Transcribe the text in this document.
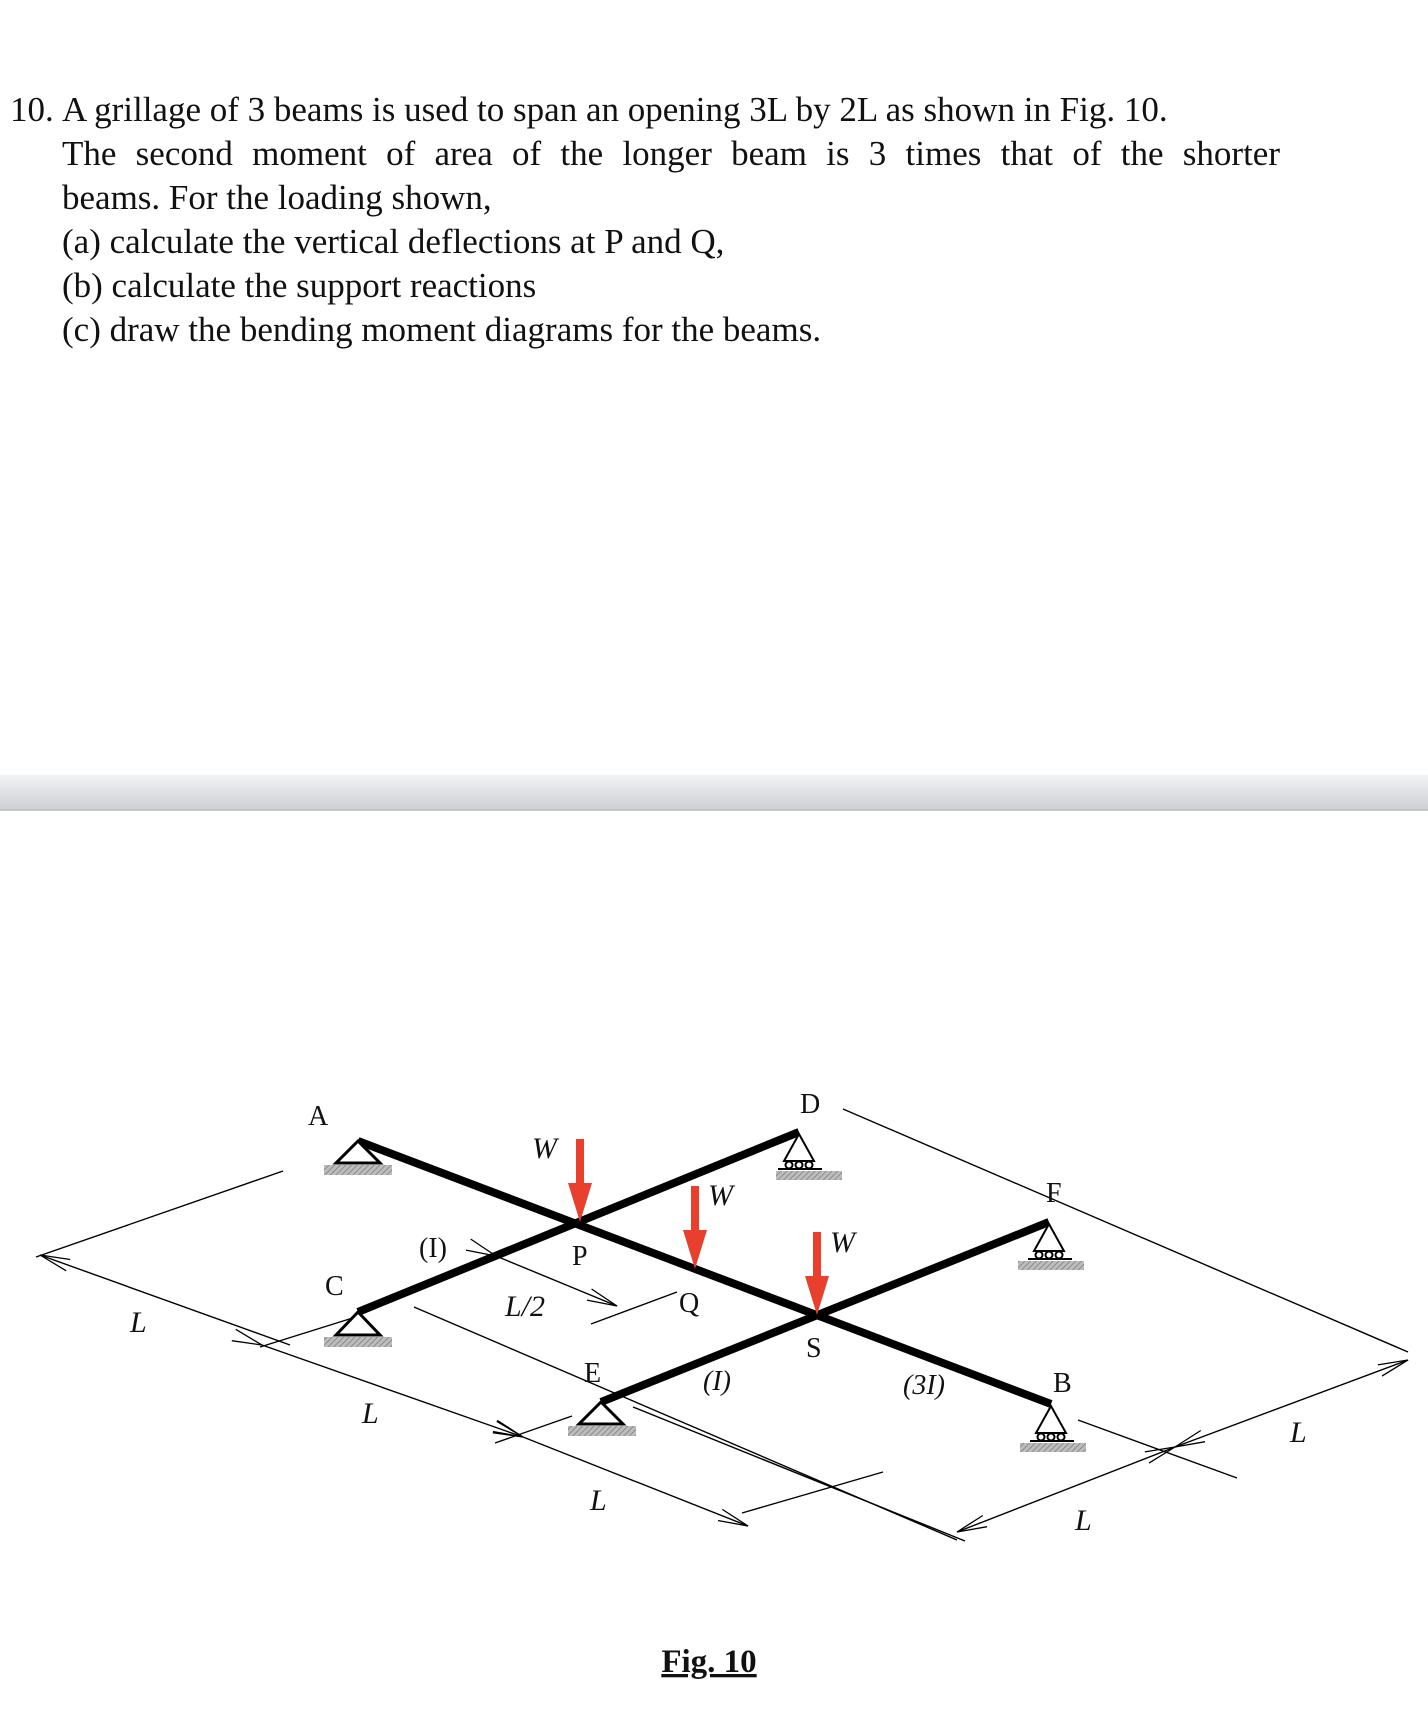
10. A grillage of 3 beams is used to span an opening 3L by 2L as shown in Fig. 10.
The second moment of area of the longer beam is 3 times that of the shorter
beams. For the loading shown,
(a) calculate the vertical deflections at P and Q,
(b) calculate the support reactions
(c) draw the bending moment diagrams for the beams.
A	D
F
C
P
Q
S
E	B
W
W
W
(I)
(I)	(3I)
L
L
L
L/2
L
L
Fig. 10
